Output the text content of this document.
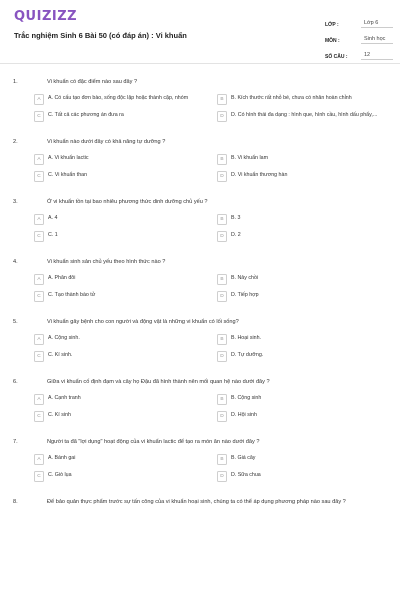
QUIZIZZ
Trắc nghiệm Sinh 6 Bài 50 (có đáp án) : Vi khuẩn
LỚP :	Lớp 6
MÔN :	Sinh học
SỐ CÂU :	12
1.	Vi khuẩn có đặc điểm nào sau đây ?
A	A. Có cấu tạo đơn bào, sống độc lập hoặc thành cặp, nhóm	B	B. Kích thước rất nhỏ bé, chưa có nhân hoàn chỉnh
C	C. Tất cả các phương án đưa ra	D	D. Có hình thái đa dạng : hình que, hình cầu, hình dấu phẩy,...
2.	Vi khuẩn nào dưới đây có khả năng tự dưỡng ?
A	A. Vi khuẩn lactic	B	B. Vi khuẩn lam
C	C. Vi khuẩn than	D	D. Vi khuẩn thương hàn
3.	Ở vi khuẩn tồn tại bao nhiêu phương thức dinh dưỡng chủ yếu ?
A	A. 4	B	B. 3
C	C. 1	D	D. 2
4.	Vi khuẩn sinh sản chủ yếu theo hình thức nào ?
A	A. Phân đôi	B	B. Nảy chồi
C	C. Tạo thành bào tử	D	D. Tiếp hợp
5.	Vi khuẩn gây bệnh cho con người và động vật là những vi khuẩn có lối sống?
A	A. Cộng sinh.	B	B. Hoại sinh.
C	C. Kí sinh.	D	D. Tự dưỡng.
6.	Giữa vi khuẩn cố định đạm và cây họ Đậu đã hình thành nên mối quan hệ nào dưới đây ?
A	A. Cạnh tranh	B	B. Cộng sinh
C	C. Kí sinh	D	D. Hội sinh
7.	Người ta đã "lợi dụng" hoạt động của vi khuẩn lactic để tạo ra món ăn nào dưới đây ?
A	A. Bánh gai	B	B. Giá cây
C	C. Giò lụa	D	D. Sữa chua
8.	Để bảo quản thực phẩm trước sự tấn công của vi khuẩn hoại sinh, chúng ta có thể áp dụng phương pháp nào sau đây ?
